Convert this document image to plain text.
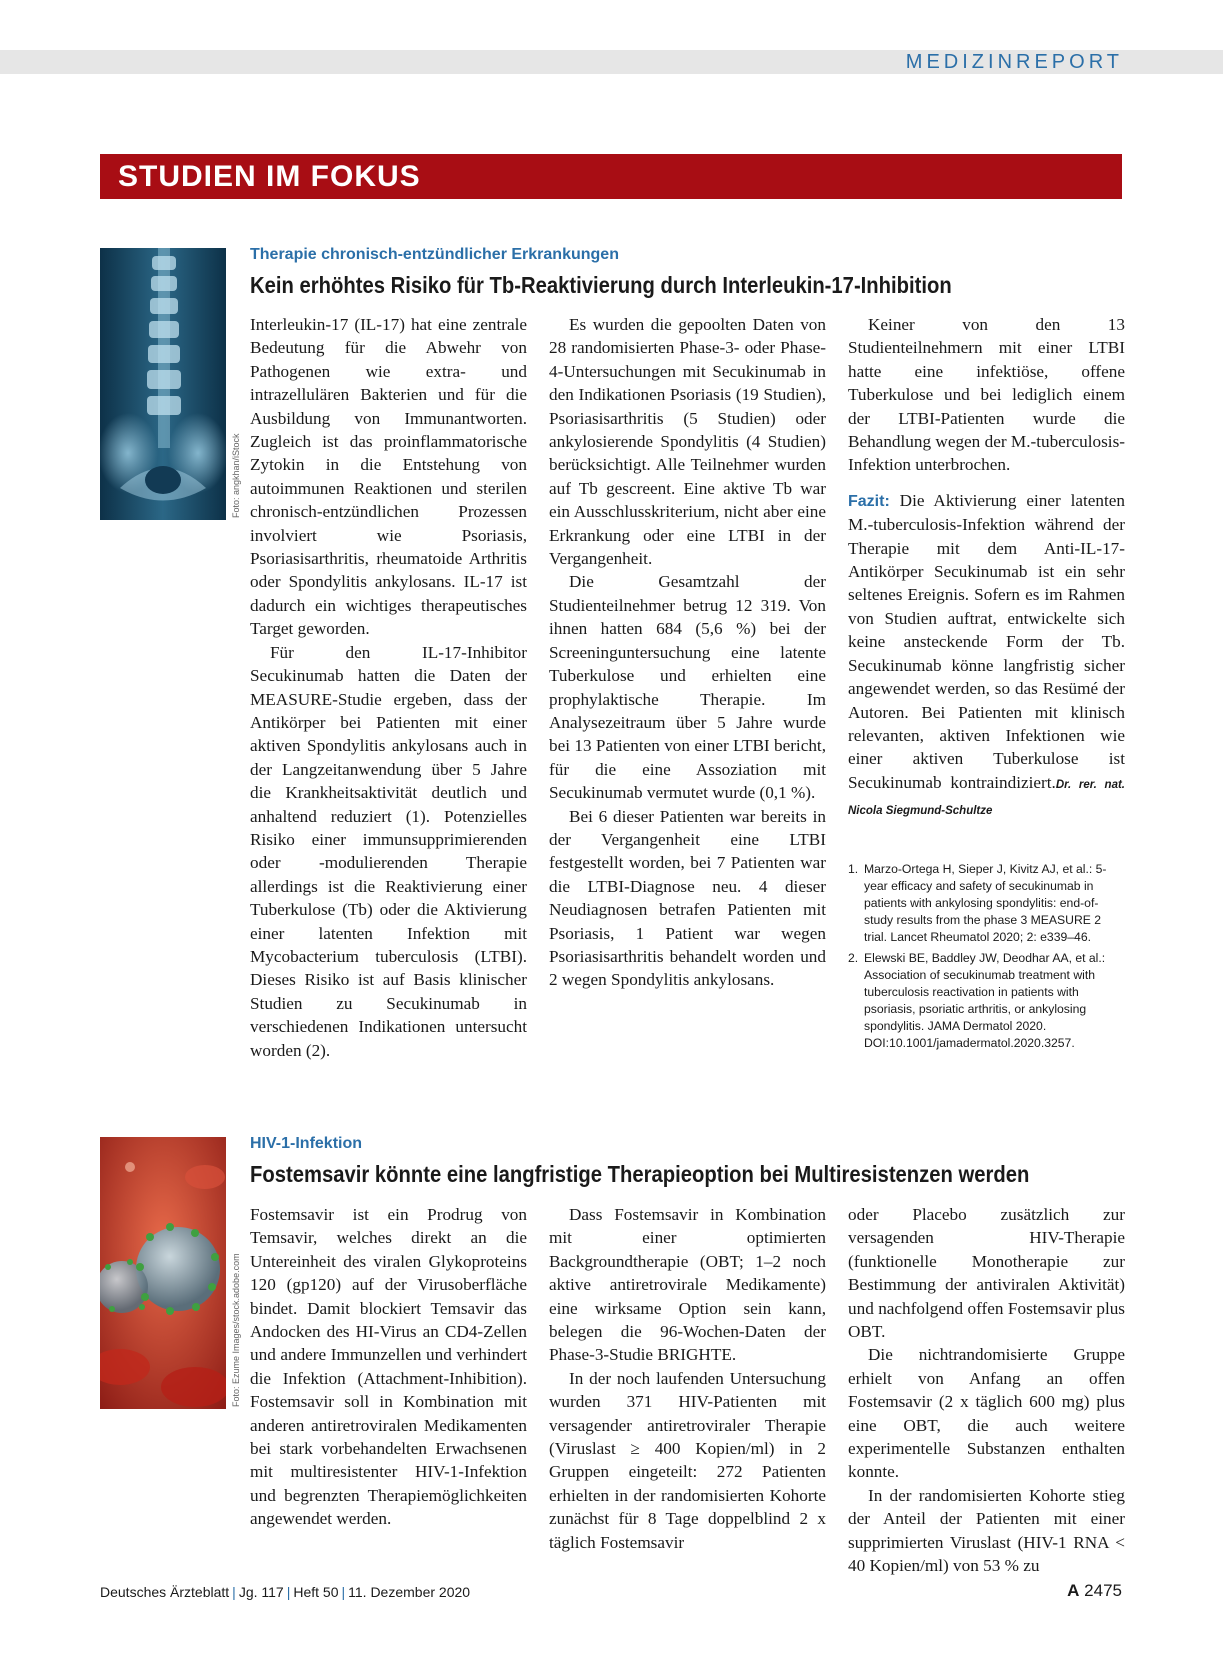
MEDIZINREPORT
STUDIEN IM FOKUS
Foto: angkhan/iStock
Therapie chronisch-entzündlicher Erkrankungen
Kein erhöhtes Risiko für Tb-Reaktivierung durch Interleukin-17-Inhibition

Interleukin-17 (IL-17) hat eine zentrale Bedeutung für die Abwehr von Pathogenen wie extra- und intrazellulären Bakterien und für die Ausbildung von Immunantworten. Zugleich ist das proinflammatorische Zytokin in die Entstehung von autoimmunen Reaktionen und sterilen chronisch-entzündlichen Prozessen involviert wie Psoriasis, Psoriasisarthritis, rheumatoide Arthritis oder Spondylitis ankylosans. IL-17 ist dadurch ein wichtiges therapeutisches Target geworden.

Für den IL-17-Inhibitor Secukinumab hatten die Daten der MEASURE-Studie ergeben, dass der Antikörper bei Patienten mit einer aktiven Spondylitis ankylosans auch in der Langzeitanwendung über 5 Jahre die Krankheitsaktivität deutlich und anhaltend reduziert (1). Potenzielles Risiko einer immunsupprimierenden oder -modulierenden Therapie allerdings ist die Reaktivierung einer Tuberkulose (Tb) oder die Aktivierung einer latenten Infektion mit Mycobacterium tuberculosis (LTBI). Dieses Risiko ist auf Basis klinischer Studien zu Secukinumab in verschiedenen Indikationen untersucht worden (2).

Es wurden die gepoolten Daten von 28 randomisierten Phase-3- oder Phase-4-Untersuchungen mit Secukinumab in den Indikationen Psoriasis (19 Studien), Psoriasisarthritis (5 Studien) oder ankylosierende Spondylitis (4 Studien) berücksichtigt. Alle Teilnehmer wurden auf Tb gescreent. Eine aktive Tb war ein Ausschlusskriterium, nicht aber eine Erkrankung oder eine LTBI in der Vergangenheit.

Die Gesamtzahl der Studienteilnehmer betrug 12 319. Von ihnen hatten 684 (5,6 %) bei der Screeninguntersuchung eine latente Tuberkulose und erhielten eine prophylaktische Therapie. Im Analysezeitraum über 5 Jahre wurde bei 13 Patienten von einer LTBI bericht, für die eine Assoziation mit Secukinumab vermutet wurde (0,1 %).

Bei 6 dieser Patienten war bereits in der Vergangenheit eine LTBI festgestellt worden, bei 7 Patienten war die LTBI-Diagnose neu. 4 dieser Neudiagnosen betrafen Patienten mit Psoriasis, 1 Patient war wegen Psoriasisarthritis behandelt worden und 2 wegen Spondylitis ankylosans.

Keiner von den 13 Studienteilnehmern mit einer LTBI hatte eine infektiöse, offene Tuberkulose und bei lediglich einem der LTBI-Patienten wurde die Behandlung wegen der M.-tuberculosis-Infektion unterbrochen.

Fazit: Die Aktivierung einer latenten M.-tuberculosis-Infektion während der Therapie mit dem Anti-IL-17-Antikörper Secukinumab ist ein sehr seltenes Ereignis. Sofern es im Rahmen von Studien auftrat, entwickelte sich keine ansteckende Form der Tb. Secukinumab könne langfristig sicher angewendet werden, so das Resümé der Autoren. Bei Patienten mit klinisch relevanten, aktiven Infektionen wie einer aktiven Tuberkulose ist Secukinumab kontraindiziert.Dr. rer. nat. Nicola Siegmund-Schultze

1. Marzo-Ortega H, Sieper J, Kivitz AJ, et al.: 5-year efficacy and safety of secukinumab in patients with ankylosing spondylitis: end-of-study results from the phase 3 MEASURE 2 trial. Lancet Rheumatol 2020; 2: e339–46.
2. Elewski BE, Baddley JW, Deodhar AA, et al.: Association of secukinumab treatment with tuberculosis reactivation in patients with psoriasis, psoriatic arthritis, or ankylosing spondylitis. JAMA Dermatol 2020. DOI:10.1001/jamadermatol.2020.3257.
Foto: Ezume Images/stock.adobe.com
HIV-1-Infektion
Fostemsavir könnte eine langfristige Therapieoption bei Multiresistenzen werden

Fostemsavir ist ein Prodrug von Temsavir, welches direkt an die Untereinheit des viralen Glykoproteins 120 (gp120) auf der Virusoberfläche bindet. Damit blockiert Temsavir das Andocken des HI-Virus an CD4-Zellen und andere Immunzellen und verhindert die Infektion (Attachment-Inhibition). Fostemsavir soll in Kombination mit anderen antiretroviralen Medikamenten bei stark vorbehandelten Erwachsenen mit multiresistenter HIV-1-Infektion und begrenzten Therapiemöglichkeiten angewendet werden.

Dass Fostemsavir in Kombination mit einer optimierten Backgroundtherapie (OBT; 1–2 noch aktive antiretrovirale Medikamente) eine wirksame Option sein kann, belegen die 96-Wochen-Daten der Phase-3-Studie BRIGHTE.

In der noch laufenden Untersuchung wurden 371 HIV-Patienten mit versagender antiretroviraler Therapie (Viruslast ≥ 400 Kopien/ml) in 2 Gruppen eingeteilt: 272 Patienten erhielten in der randomisierten Kohorte zunächst für 8 Tage doppelblind 2 x täglich Fostemsavir

oder Placebo zusätzlich zur versagenden HIV-Therapie (funktionelle Monotherapie zur Bestimmung der antiviralen Aktivität) und nachfolgend offen Fostemsavir plus OBT.

Die nichtrandomisierte Gruppe erhielt von Anfang an offen Fostemsavir (2 x täglich 600 mg) plus eine OBT, die auch weitere experimentelle Substanzen enthalten konnte.

In der randomisierten Kohorte stieg der Anteil der Patienten mit einer supprimierten Viruslast (HIV-1 RNA < 40 Kopien/ml) von 53 % zu

Deutsches Ärzteblatt | Jg. 117 | Heft 50 | 11. Dezember 2020	A 2475
